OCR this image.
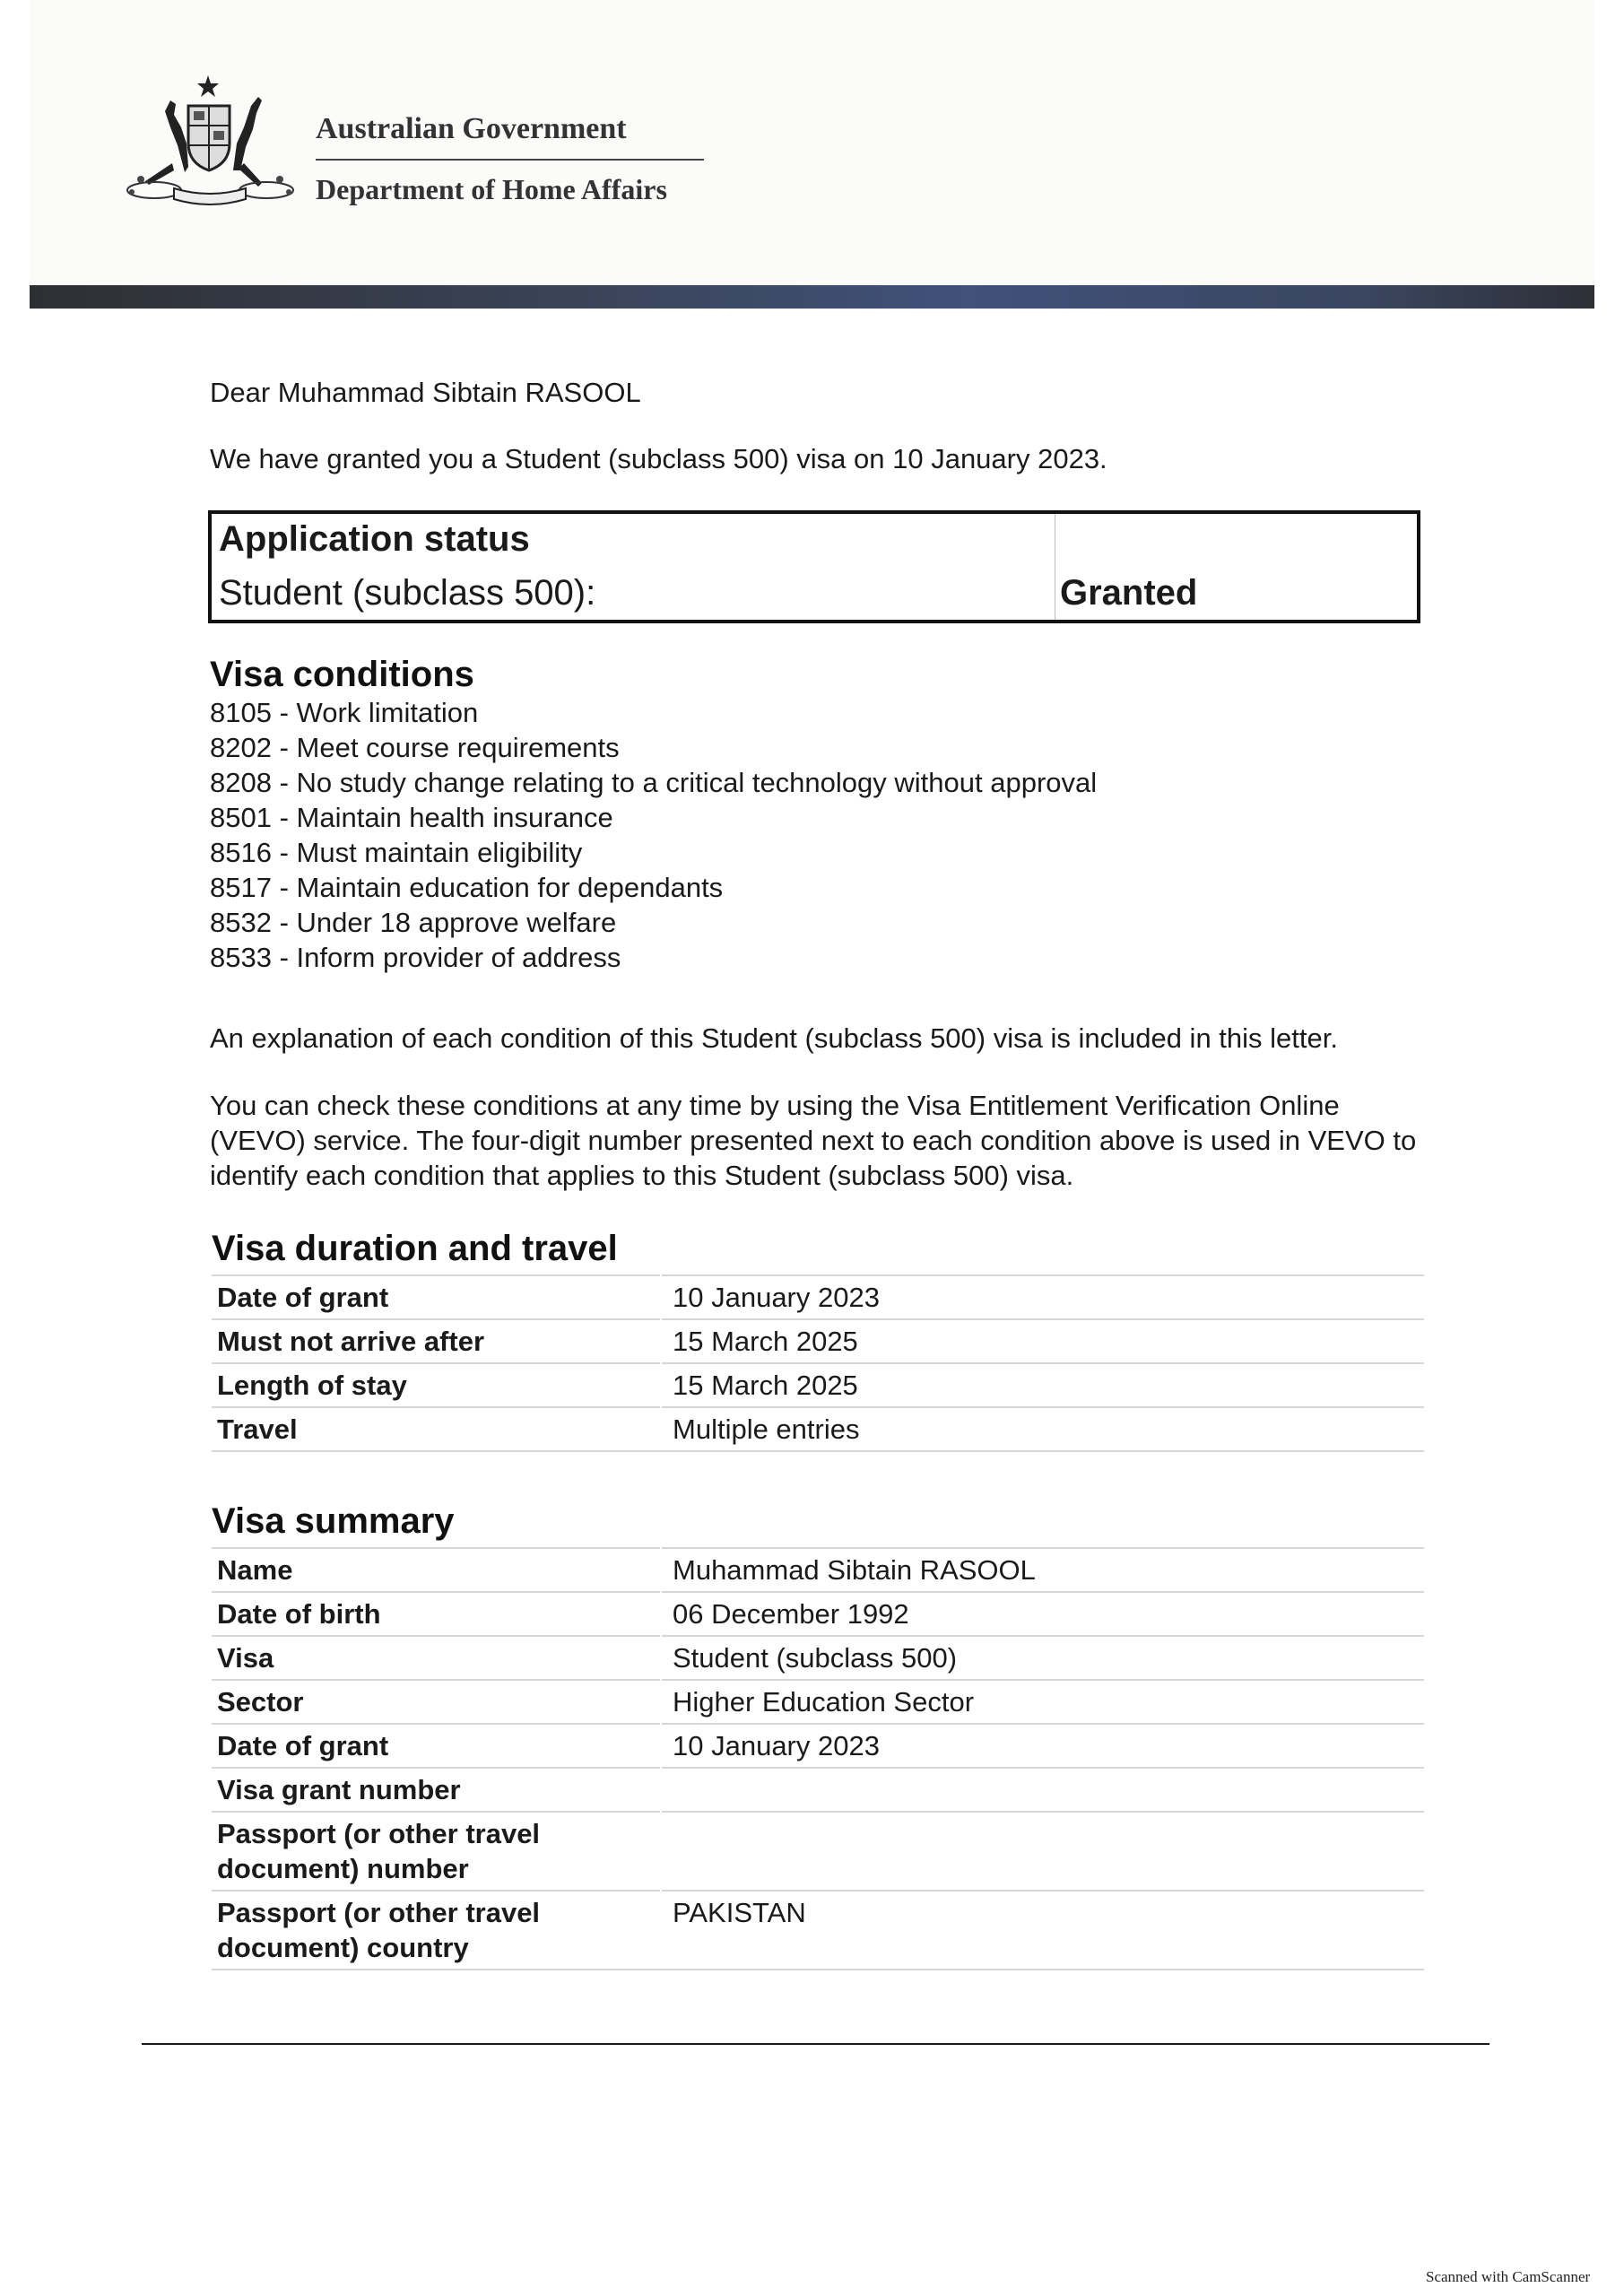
Australian Government
Department of Home Affairs

Dear Muhammad Sibtain RASOOL

We have granted you a Student (subclass 500) visa on 10 January 2023.

Application status
Student (subclass 500):	Granted
Visa conditions
8105 - Work limitation
8202 - Meet course requirements
8208 - No study change relating to a critical technology without approval
8501 - Maintain health insurance
8516 - Must maintain eligibility
8517 - Maintain education for dependants
8532 - Under 18 approve welfare
8533 - Inform provider of address

An explanation of each condition of this Student (subclass 500) visa is included in this letter.

You can check these conditions at any time by using the Visa Entitlement Verification Online (VEVO) service. The four-digit number presented next to each condition above is used in VEVO to identify each condition that applies to this Student (subclass 500) visa.

Visa duration and travel
Date of grant	10 January 2023
Must not arrive after	15 March 2025
Length of stay	15 March 2025
Travel	Multiple entries
Visa summary
Name	Muhammad Sibtain RASOOL
Date of birth	06 December 1992
Visa	Student (subclass 500)
Sector	Higher Education Sector
Date of grant	10 January 2023
Visa grant number	
Passport (or other travel document) number	
Passport (or other travel document) country	PAKISTAN
Scanned with CamScanner
